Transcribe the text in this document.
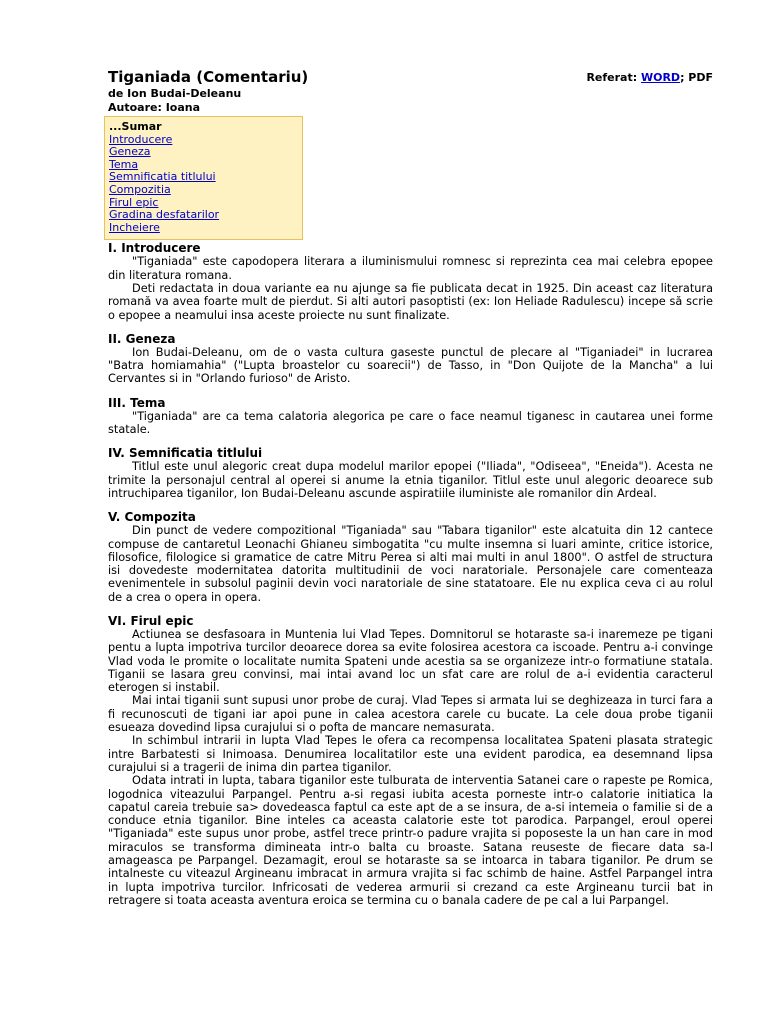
Tiganiada (Comentariu)
de Ion Budai-Deleanu
Autoare: Ioana
Referat: WORD; PDF
...Sumar
Introducere
Geneza
Tema
Semnificatia titlului
Compozitia
Firul epic
Gradina desfatarilor
Incheiere
I. Introducere

"Tiganiada" este capodopera literara a iluminismului romnesc si reprezinta cea mai celebra epopee din literatura romana.

Deti redactata in doua variante ea nu ajunge sa fie publicata decat in 1925. Din aceast caz literatura romană va avea foarte mult de pierdut. Si alti autori pasoptisti (ex: Ion Heliade Radulescu) incepe să scrie o epopee a neamului insa aceste proiecte nu sunt finalizate.

II. Geneza

Ion Budai-Deleanu, om de o vasta cultura gaseste punctul de plecare al "Tiganiadei" in lucrarea "Batra homiamahia" ("Lupta broastelor cu soarecii") de Tasso, in "Don Quijote de la Mancha" a lui Cervantes si in "Orlando furioso" de Aristo.

III. Tema

"Tiganiada" are ca tema calatoria alegorica pe care o face neamul tiganesc in cautarea unei forme statale.

IV. Semnificatia titlului

Titlul este unul alegoric creat dupa modelul marilor epopei ("Iliada", "Odiseea", "Eneida"). Acesta ne trimite la personajul central al operei si anume la etnia tiganilor. Titlul este unul alegoric deoarece sub intruchiparea tiganilor, Ion Budai-Deleanu ascunde aspiratiile iluministe ale romanilor din Ardeal.

V. Compozita

Din punct de vedere compozitional "Tiganiada" sau "Tabara tiganilor" este alcatuita din 12 cantece compuse de cantaretul Leonachi Ghianeu simbogatita "cu multe insemna si luari aminte, critice istorice, filosofice, filologice si gramatice de catre Mitru Perea si alti mai multi in anul 1800". O astfel de structura isi dovedeste modernitatea datorita multitudinii de voci naratoriale. Personajele care comenteaza evenimentele in subsolul paginii devin voci naratoriale de sine statatoare. Ele nu explica ceva ci au rolul de a crea o opera in opera.

VI. Firul epic

Actiunea se desfasoara in Muntenia lui Vlad Tepes. Domnitorul se hotaraste sa-i inaremeze pe tigani pentu a lupta impotriva turcilor deoarece dorea sa evite folosirea acestora ca iscoade. Pentru a-i convinge Vlad voda le promite o localitate numita Spateni unde acestia sa se organizeze intr-o formatiune statala. Tiganii se lasara greu convinsi, mai intai avand loc un sfat care are rolul de a-i evidentia caracterul eterogen si instabil.

Mai intai tiganii sunt supusi unor probe de curaj. Vlad Tepes si armata lui se deghizeaza in turci fara a fi recunoscuti de tigani iar apoi pune in calea acestora carele cu bucate. La cele doua probe tiganii esueaza dovedind lipsa curajului si o pofta de mancare nemasurata.

In schimbul intrarii in lupta Vlad Tepes le ofera ca recompensa localitatea Spateni plasata strategic intre Barbatesti si Inimoasa. Denumirea localitatilor este una evident parodica, ea desemnand lipsa curajului si a tragerii de inima din partea tiganilor.

Odata intrati in lupta, tabara tiganilor este tulburata de interventia Satanei care o rapeste pe Romica, logodnica viteazului Parpangel. Pentru a-si regasi iubita acesta porneste intr-o calatorie initiatica la capatul careia trebuie sa> dovedeasca faptul ca este apt de a se insura, de a-si intemeia o familie si de a conduce etnia tiganilor. Bine inteles ca aceasta calatorie este tot parodica. Parpangel, eroul operei "Tiganiada" este supus unor probe, astfel trece printr-o padure vrajita si poposeste la un han care in mod miraculos se transforma dimineata intr-o balta cu broaste. Satana reuseste de fiecare data sa-l amageasca pe Parpangel. Dezamagit, eroul se hotaraste sa se intoarca in tabara tiganilor. Pe drum se intalneste cu viteazul Argineanu imbracat in armura vrajita si fac schimb de haine. Astfel Parpangel intra in lupta impotriva turcilor. Infricosati de vederea armurii si crezand ca este Argineanu turcii bat in retragere si toata aceasta aventura eroica se termina cu o banala cadere de pe cal a lui Parpangel.
